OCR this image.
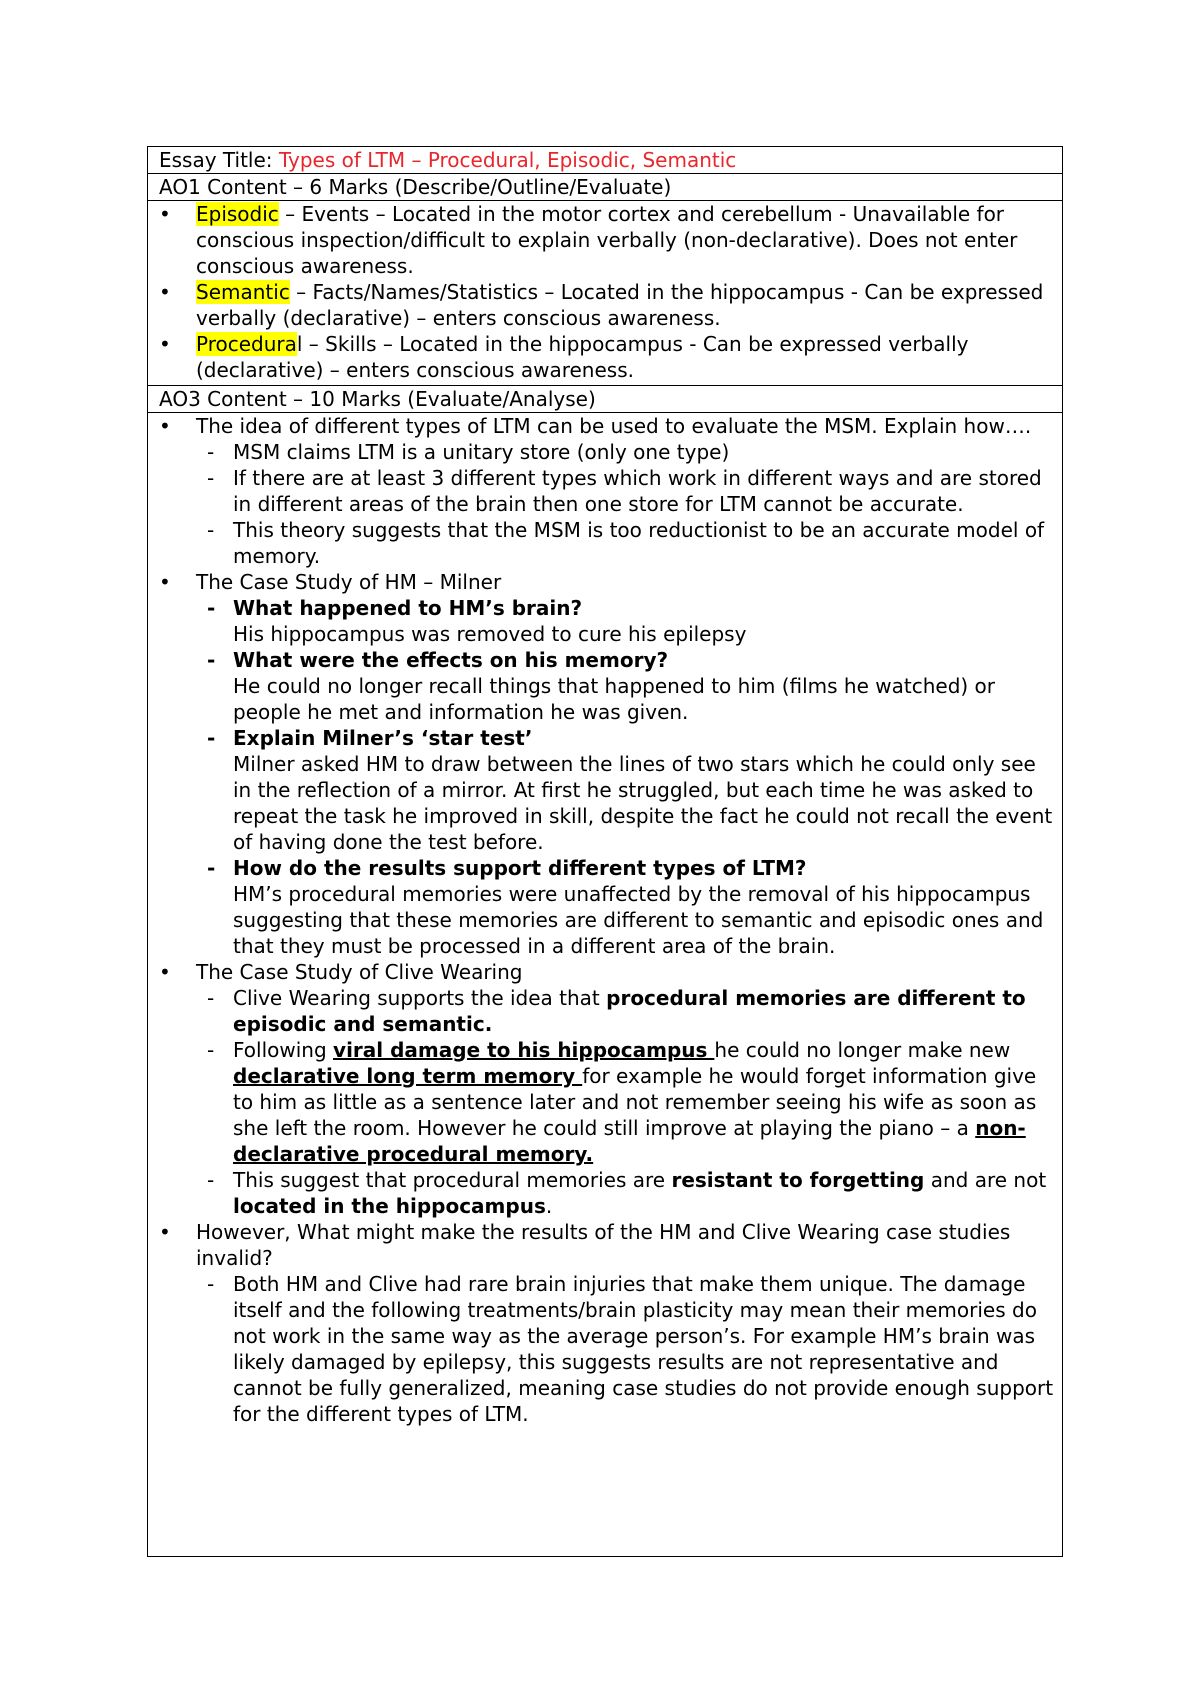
Essay Title: Types of LTM – Procedural, Episodic, Semantic
AO1 Content – 6 Marks (Describe/Outline/Evaluate)
• Episodic – Events – Located in the motor cortex and cerebellum - Unavailable for conscious inspection/difficult to explain verbally (non-declarative). Does not enter conscious awareness.
• Semantic – Facts/Names/Statistics – Located in the hippocampus - Can be expressed verbally (declarative) – enters conscious awareness.
• Procedural – Skills – Located in the hippocampus - Can be expressed verbally (declarative) – enters conscious awareness.
AO3 Content – 10 Marks (Evaluate/Analyse)
• The idea of different types of LTM can be used to evaluate the MSM. Explain how….
- MSM claims LTM is a unitary store (only one type)
- If there are at least 3 different types which work in different ways and are stored in different areas of the brain then one store for LTM cannot be accurate.
- This theory suggests that the MSM is too reductionist to be an accurate model of memory.
• The Case Study of HM – Milner
- What happened to HM’s brain?
His hippocampus was removed to cure his epilepsy
- What were the effects on his memory?
He could no longer recall things that happened to him (films he watched) or people he met and information he was given.
- Explain Milner’s ‘star test’
Milner asked HM to draw between the lines of two stars which he could only see in the reflection of a mirror. At first he struggled, but each time he was asked to repeat the task he improved in skill, despite the fact he could not recall the event of having done the test before.
- How do the results support different types of LTM?
HM’s procedural memories were unaffected by the removal of his hippocampus suggesting that these memories are different to semantic and episodic ones and that they must be processed in a different area of the brain.
• The Case Study of Clive Wearing
- Clive Wearing supports the idea that procedural memories are different to episodic and semantic.
- Following viral damage to his hippocampus he could no longer make new declarative long term memory for example he would forget information give to him as little as a sentence later and not remember seeing his wife as soon as she left the room. However he could still improve at playing the piano – a non-declarative procedural memory.
- This suggest that procedural memories are resistant to forgetting and are not located in the hippocampus.
• However, What might make the results of the HM and Clive Wearing case studies invalid?
- Both HM and Clive had rare brain injuries that make them unique. The damage itself and the following treatments/brain plasticity may mean their memories do not work in the same way as the average person’s. For example HM’s brain was likely damaged by epilepsy, this suggests results are not representative and cannot be fully generalized, meaning case studies do not provide enough support for the different types of LTM.
